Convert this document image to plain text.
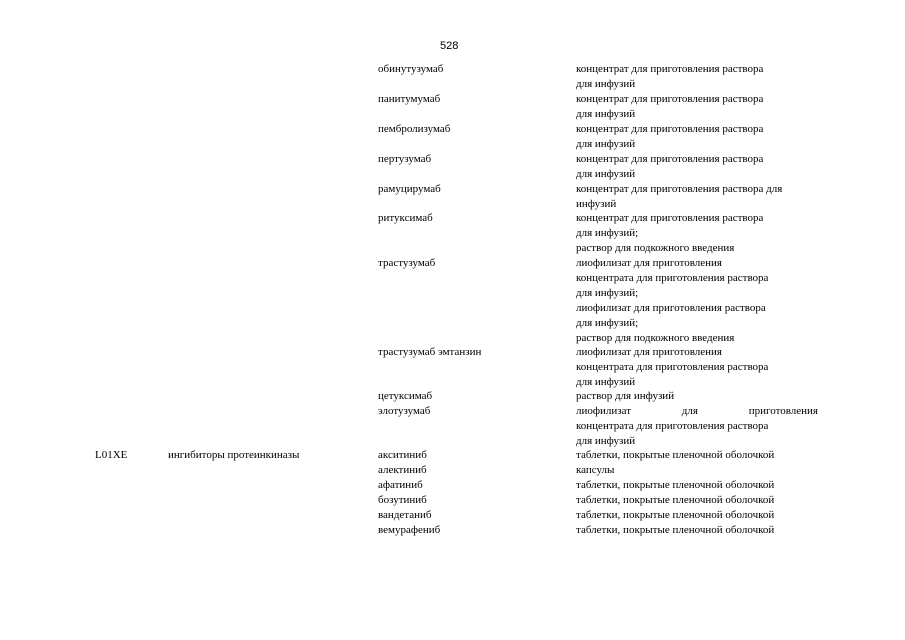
528
обинутузумаб	концентрат для приготовления раствора
для инфузий
панитумумаб	концентрат для приготовления раствора
для инфузий
пембролизумаб	концентрат для приготовления раствора
для инфузий
пертузумаб	концентрат для приготовления раствора
для инфузий
рамуцирумаб	концентрат для приготовления раствора для
инфузий
ритуксимаб	концентрат для приготовления раствора
для инфузий;
раствор для подкожного введения
трастузумаб	лиофилизат для приготовления
концентрата для приготовления раствора
для инфузий;
лиофилизат для приготовления раствора
для инфузий;
раствор для подкожного введения
трастузумаб эмтанзин	лиофилизат для приготовления
концентрата для приготовления раствора
для инфузий
цетуксимаб	раствор для инфузий
элотузумаб	лиофилизат для приготовления
концентрата для приготовления раствора
для инфузий
L01XE	ингибиторы протеинкиназы	акситиниб	таблетки, покрытые пленочной оболочкой
алектиниб	капсулы
афатиниб	таблетки, покрытые пленочной оболочкой
бозутиниб	таблетки, покрытые пленочной оболочкой
вандетаниб	таблетки, покрытые пленочной оболочкой
вемурафениб	таблетки, покрытые пленочной оболочкой
